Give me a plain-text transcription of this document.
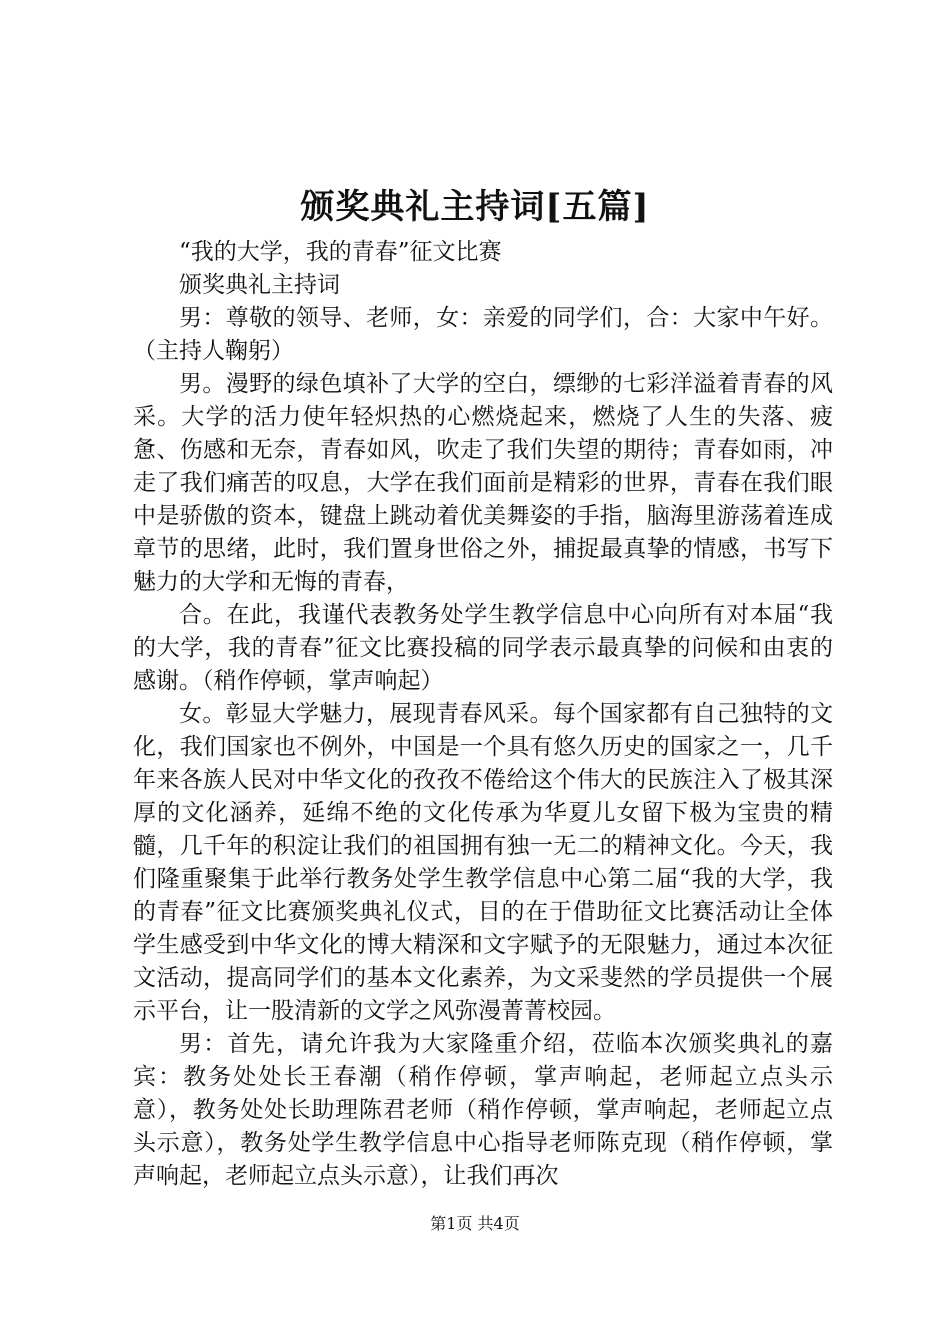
颁奖典礼主持词[五篇]

“我的大学，我的青春”征文比赛

颁奖典礼主持词

男：尊敬的领导、老师，女：亲爱的同学们，合：大家中午好。（主持人鞠躬）

男。漫野的绿色填补了大学的空白，缥缈的七彩洋溢着青春的风采。大学的活力使年轻炽热的心燃烧起来，燃烧了人生的失落、疲惫、伤感和无奈，青春如风，吹走了我们失望的期待；青春如雨，冲走了我们痛苦的叹息，大学在我们面前是精彩的世界，青春在我们眼中是骄傲的资本，键盘上跳动着优美舞姿的手指，脑海里游荡着连成章节的思绪，此时，我们置身世俗之外，捕捉最真挚的情感，书写下魅力的大学和无悔的青春，

合。在此，我谨代表教务处学生教学信息中心向所有对本届“我的大学，我的青春”征文比赛投稿的同学表示最真挚的问候和由衷的感谢。（稍作停顿，掌声响起）

女。彰显大学魅力，展现青春风采。每个国家都有自己独特的文化，我们国家也不例外，中国是一个具有悠久历史的国家之一，几千年来各族人民对中华文化的孜孜不倦给这个伟大的民族注入了极其深厚的文化涵养，延绵不绝的文化传承为华夏儿女留下极为宝贵的精髓，几千年的积淀让我们的祖国拥有独一无二的精神文化。今天，我们隆重聚集于此举行教务处学生教学信息中心第二届“我的大学，我的青春”征文比赛颁奖典礼仪式，目的在于借助征文比赛活动让全体学生感受到中华文化的博大精深和文字赋予的无限魅力，通过本次征文活动，提高同学们的基本文化素养，为文采斐然的学员提供一个展示平台，让一股清新的文学之风弥漫菁菁校园。

男：首先，请允许我为大家隆重介绍，莅临本次颁奖典礼的嘉宾：教务处处长王春潮（稍作停顿，掌声响起，老师起立点头示意），教务处处长助理陈君老师（稍作停顿，掌声响起，老师起立点头示意），教务处学生教学信息中心指导老师陈克现（稍作停顿，掌声响起，老师起立点头示意），让我们再次

第1页 共4页
